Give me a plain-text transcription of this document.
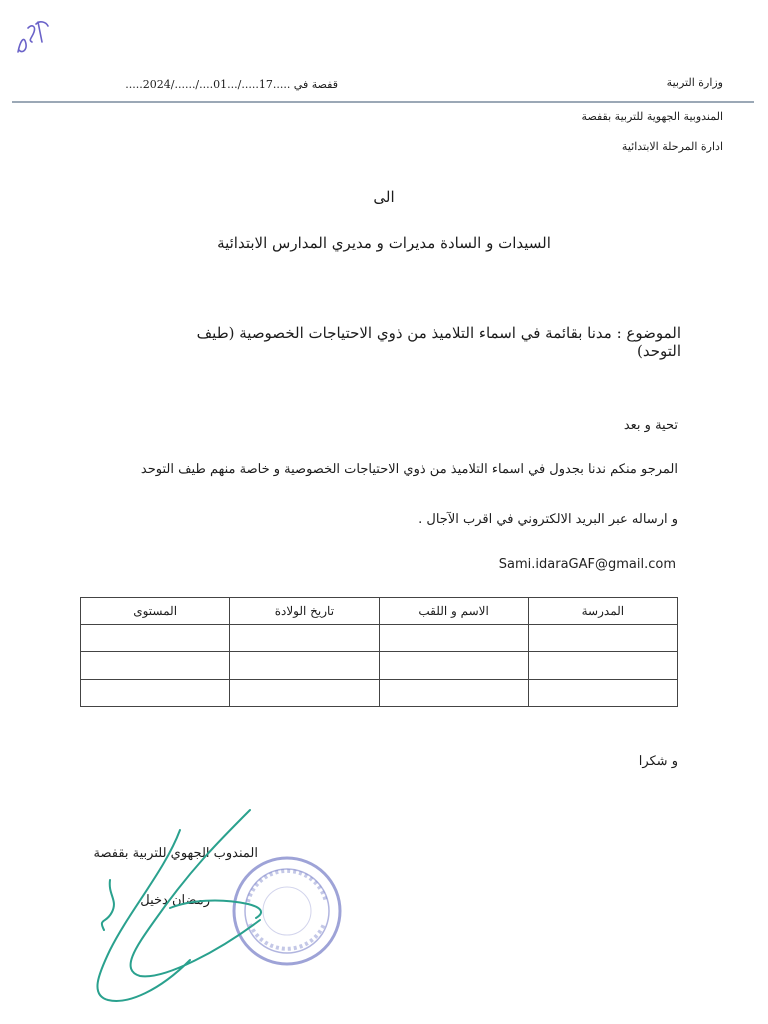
قفصة في .....17...../...01..../....../2024.....	وزارة التربية
المندوبية الجهوية للتربية بقفصة
ادارة المرحلة الابتدائية
الى
السيدات و السادة مديرات و مديري المدارس الابتدائية
الموضوع : مدنا بقائمة في اسماء التلاميذ من ذوي الاحتياجات الخصوصية (طيف التوحد)
تحية و بعد
المرجو منكم ندنا بجدول في اسماء التلاميذ من ذوي الاحتياجات الخصوصية و خاصة منهم طيف التوحد
و ارساله عبر البريد الالكتروني في اقرب الآجال .
Sami.idaraGAF@gmail.com
المدرسة	الاسم و اللقب	تاريخ الولادة	المستوى

و شكرا
المندوب الجهوي للتربية بقفصة
رمضان دخيل
